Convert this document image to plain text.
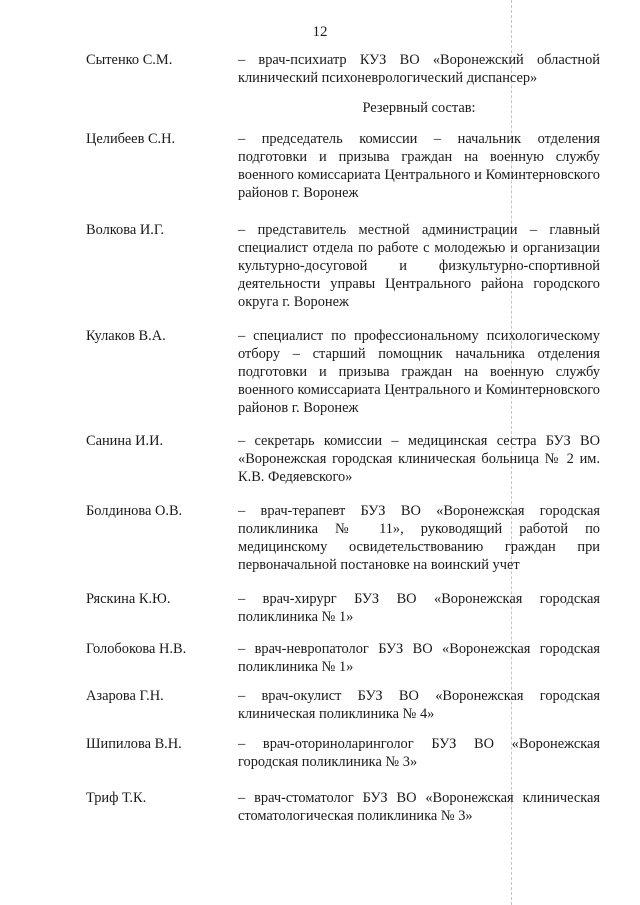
12
Сытенко С.М.	– врач-психиатр КУЗ ВО «Воронежский областной клинический психоневрологический диспансер»
Резервный состав:
Целибеев С.Н.	– председатель комиссии – начальник отделения подготовки и призыва граждан на военную службу военного комиссариата Центрального и Коминтерновского районов г. Воронеж
Волкова И.Г.	– представитель местной администрации – главный специалист отдела по работе с молодежью и организации культурно-досуговой и физкультурно-спортивной деятельности управы Центрального района городского округа г. Воронеж
Кулаков В.А.	– специалист по профессиональному психологическому отбору – старший помощник начальника отделения подготовки и призыва граждан на военную службу военного комиссариата Центрального и Коминтерновского районов г. Воронеж
Санина И.И.	– секретарь комиссии – медицинская сестра БУЗ ВО «Воронежская городская клиническая больница № 2 им. К.В. Федяевского»
Болдинова О.В.	– врач-терапевт БУЗ ВО «Воронежская городская поликлиника № 11», руководящий работой по медицинскому освидетельствованию граждан при первоначальной постановке на воинский учет
Ряскина К.Ю.	– врач-хирург БУЗ ВО «Воронежская городская поликлиника № 1»
Голобокова Н.В.	– врач-невропатолог БУЗ ВО «Воронежская городская поликлиника № 1»
Азарова Г.Н.	– врач-окулист БУЗ ВО «Воронежская городская клиническая поликлиника № 4»
Шипилова В.Н.	– врач-оториноларинголог БУЗ ВО «Воронежская городская поликлиника № 3»
Триф Т.К.	– врач-стоматолог БУЗ ВО «Воронежская клиническая стоматологическая поликлиника № 3»
